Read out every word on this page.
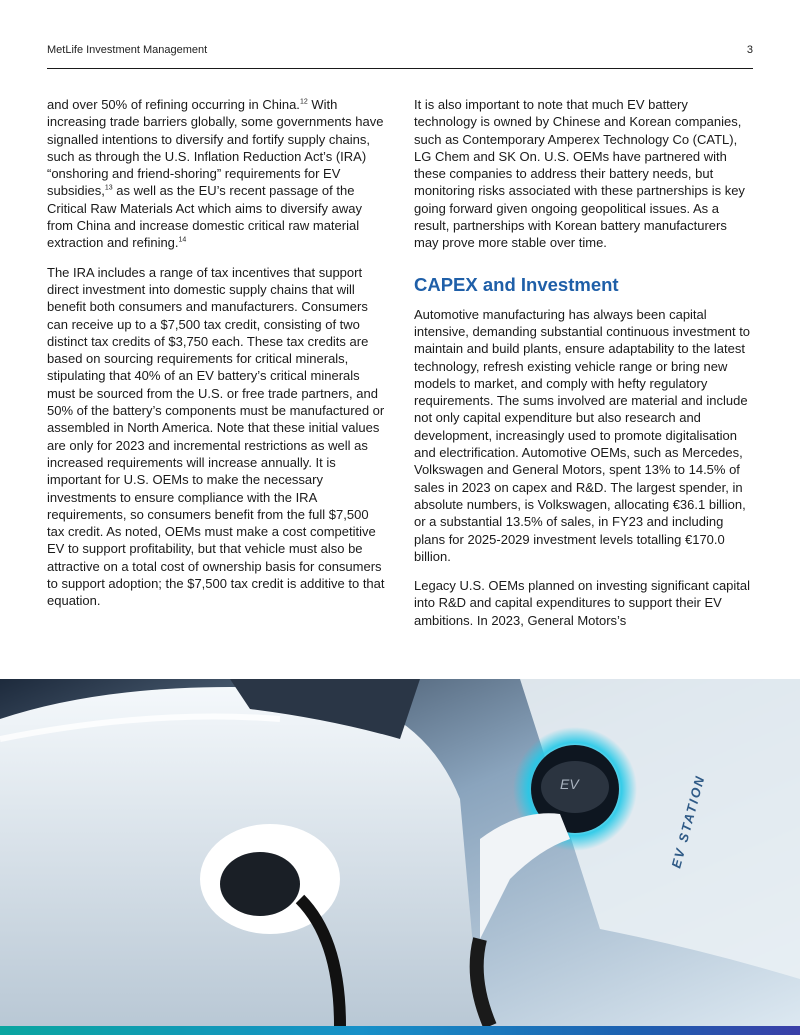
MetLife Investment Management	3

and over 50% of refining occurring in China.$^{12}$ With increasing trade barriers globally, some governments have signalled intentions to diversify and fortify supply chains, such as through the U.S. Inflation Reduction Act’s (IRA) “onshoring and friend-shoring” requirements for EV subsidies,$^{13}$ as well as the EU’s recent passage of the Critical Raw Materials Act which aims to diversify away from China and increase domestic critical raw material extraction and refining.$^{14}$

The IRA includes a range of tax incentives that support direct investment into domestic supply chains that will benefit both consumers and manufacturers. Consumers can receive up to a $7,500 tax credit, consisting of two distinct tax credits of $3,750 each. These tax credits are based on sourcing requirements for critical minerals, stipulating that 40% of an EV battery’s critical minerals must be sourced from the U.S. or free trade partners, and 50% of the battery’s components must be manufactured or assembled in North America. Note that these initial values are only for 2023 and incremental restrictions as well as increased requirements will increase annually. It is important for U.S. OEMs to make the necessary investments to ensure compliance with the IRA requirements, so consumers benefit from the full $7,500 tax credit. As noted, OEMs must make a cost competitive EV to support profitability, but that vehicle must also be attractive on a total cost of ownership basis for consumers to support adoption; the $7,500 tax credit is additive to that equation.

It is also important to note that much EV battery technology is owned by Chinese and Korean companies, such as Contemporary Amperex Technology Co (CATL), LG Chem and SK On. U.S. OEMs have partnered with these companies to address their battery needs, but monitoring risks associated with these partnerships is key going forward given ongoing geopolitical issues. As a result, partnerships with Korean battery manufacturers may prove more stable over time.

CAPEX and Investment

Automotive manufacturing has always been capital intensive, demanding substantial continuous investment to maintain and build plants, ensure adaptability to the latest technology, refresh existing vehicle range or bring new models to market, and comply with hefty regulatory requirements. The sums involved are material and include not only capital expenditure but also research and development, increasingly used to promote digitalisation and electrification. Automotive OEMs, such as Mercedes, Volkswagen and General Motors, spent 13% to 14.5% of sales in 2023 on capex and R&D. The largest spender, in absolute numbers, is Volkswagen, allocating €36.1 billion, or a substantial 13.5% of sales, in FY23 and including plans for 2025-2029 investment levels totalling €170.0 billion.

Legacy U.S. OEMs planned on investing significant capital into R&D and capital expenditures to support their EV ambitions. In 2023, General Motors’s

EV	EV STATION
